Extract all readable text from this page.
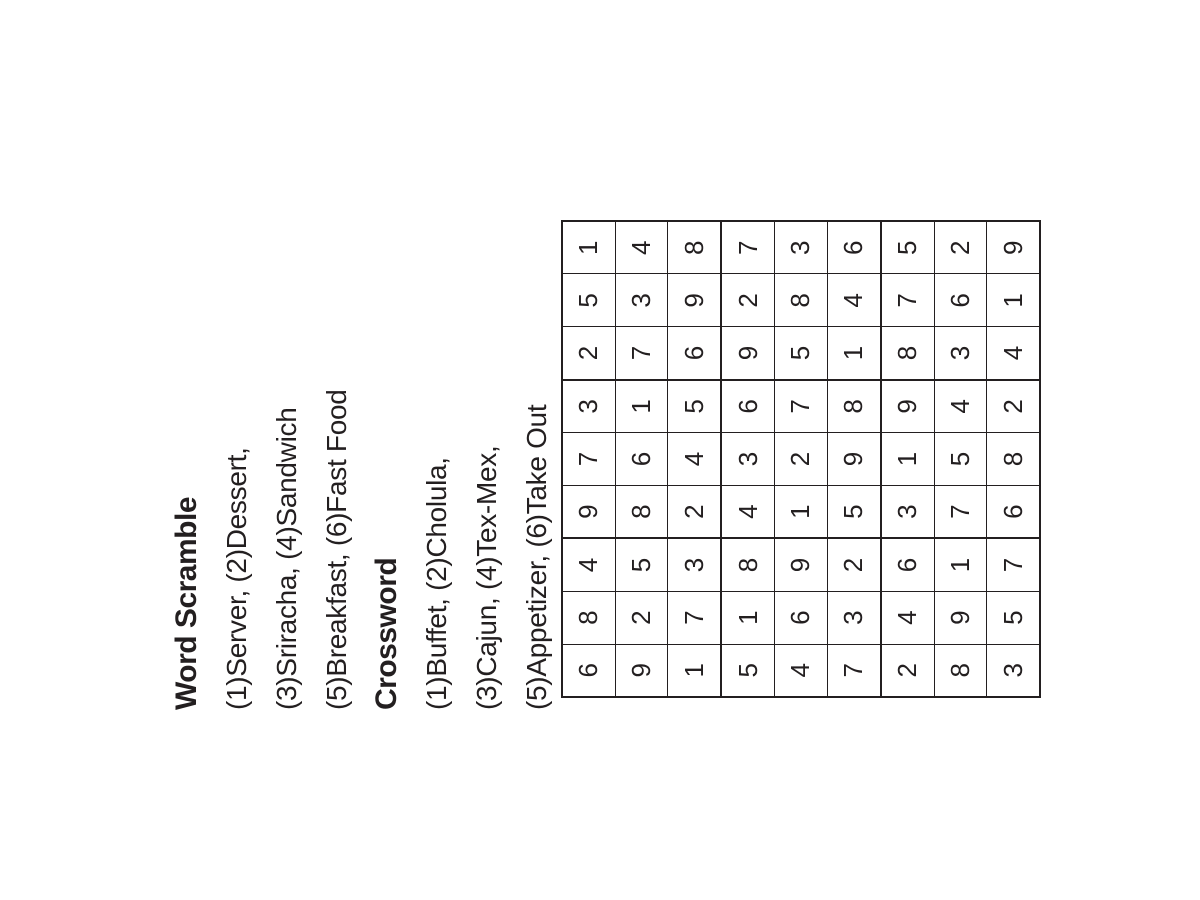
Word Scramble (1)Server, (2)Dessert, (3)Sriracha, (4)Sandwich (5)Breakfast, (6)Fast Food Crossword (1)Buffet, (2)Cholula, (3)Cajun, (4)Tex-Mex, (5)Appetizer, (6)Take Out 6	8	4	9	7	3	2	5	1
9	2	5	8	6	1	7	3	4
1	7	3	2	4	5	6	9	8
5	1	8	4	3	6	9	2	7
4	6	9	1	2	7	5	8	3
7	3	2	5	9	8	1	4	6
2	4	6	3	1	9	8	7	5
8	9	1	7	5	4	3	6	2
3	5	7	6	8	2	4	1	9
